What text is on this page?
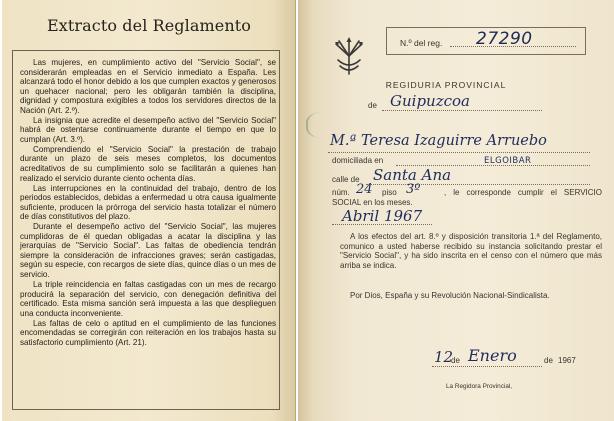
Extracto del Reglamento

Las mujeres, en cumplimiento activo del "Servicio Social", se considerarán empleadas en el Servicio inmediato a España. Les alcanzará todo el honor debido a los que cumplen exactos y generosos un quehacer nacional; pero les obligarán también la disciplina, dignidad y compostura exigibles a todos los servidores directos de la Nación (Art. 2.º).

La insignia que acredite el desempeño activo del "Servicio Social" habrá de ostentarse continuamente durante el tiempo en que lo cumplan (Art. 3.º).

Comprendiendo el "Servicio Social" la prestación de trabajo durante un plazo de seis meses completos, los documentos acreditativos de su cumplimiento solo se facilitarán a quienes han realizado el servicio durante ciento ochenta días.

Las interrupciones en la continuidad del trabajo, dentro de los periodos establecidos, debidas a enfermedad u otra causa igualmente suficiente, producen la prórroga del servicio hasta totalizar el número de días constitutivos del plazo.

Durante el desempeño activo del "Servicio Social", las mujeres cumplidoras de él quedan obligadas a acatar la disciplina y las jerarquías de "Servicio Social". Las faltas de obediencia tendrán siempre la consideración de infracciones graves; serán castigadas, según su especie, con recargos de siete días, quince días o un mes de servicio.

La triple reincidencia en faltas castigadas con un mes de recargo producirá la separación del servicio, con denegación definitiva del certificado. Esta misma sanción será impuesta a las que desplieguen una conducta inconveniente.

Las faltas de celo o aptitud en el cumplimiento de las funciones encomendadas se corregirán con reiteración en los trabajos hasta su satisfactorio cumplimiento (Art. 21).

N.º del reg. 27290
REGIDURIA PROVINCIAL
de Guipuzcoa
M.ª Teresa Izaguirre Arruebo
domiciliada en	ELGOIBAR
calle de Santa Ana
núm. 24 piso 3º	, le corresponde cumplir el SERVICIO SOCIAL en los meses.
Abril 1967
A los efectos del art. 8.º y disposición transitoria 1.ª del Reglamento, comunico a usted haberse recibido su instancia solicitando prestar el "Servicio Social", y ha sido inscrita en el censo con el número que más arriba se indica.
Por Dios, España y su Revolución Nacional-Sindicalista.
12
de Enero	de 1967
La Regidora Provincial,
